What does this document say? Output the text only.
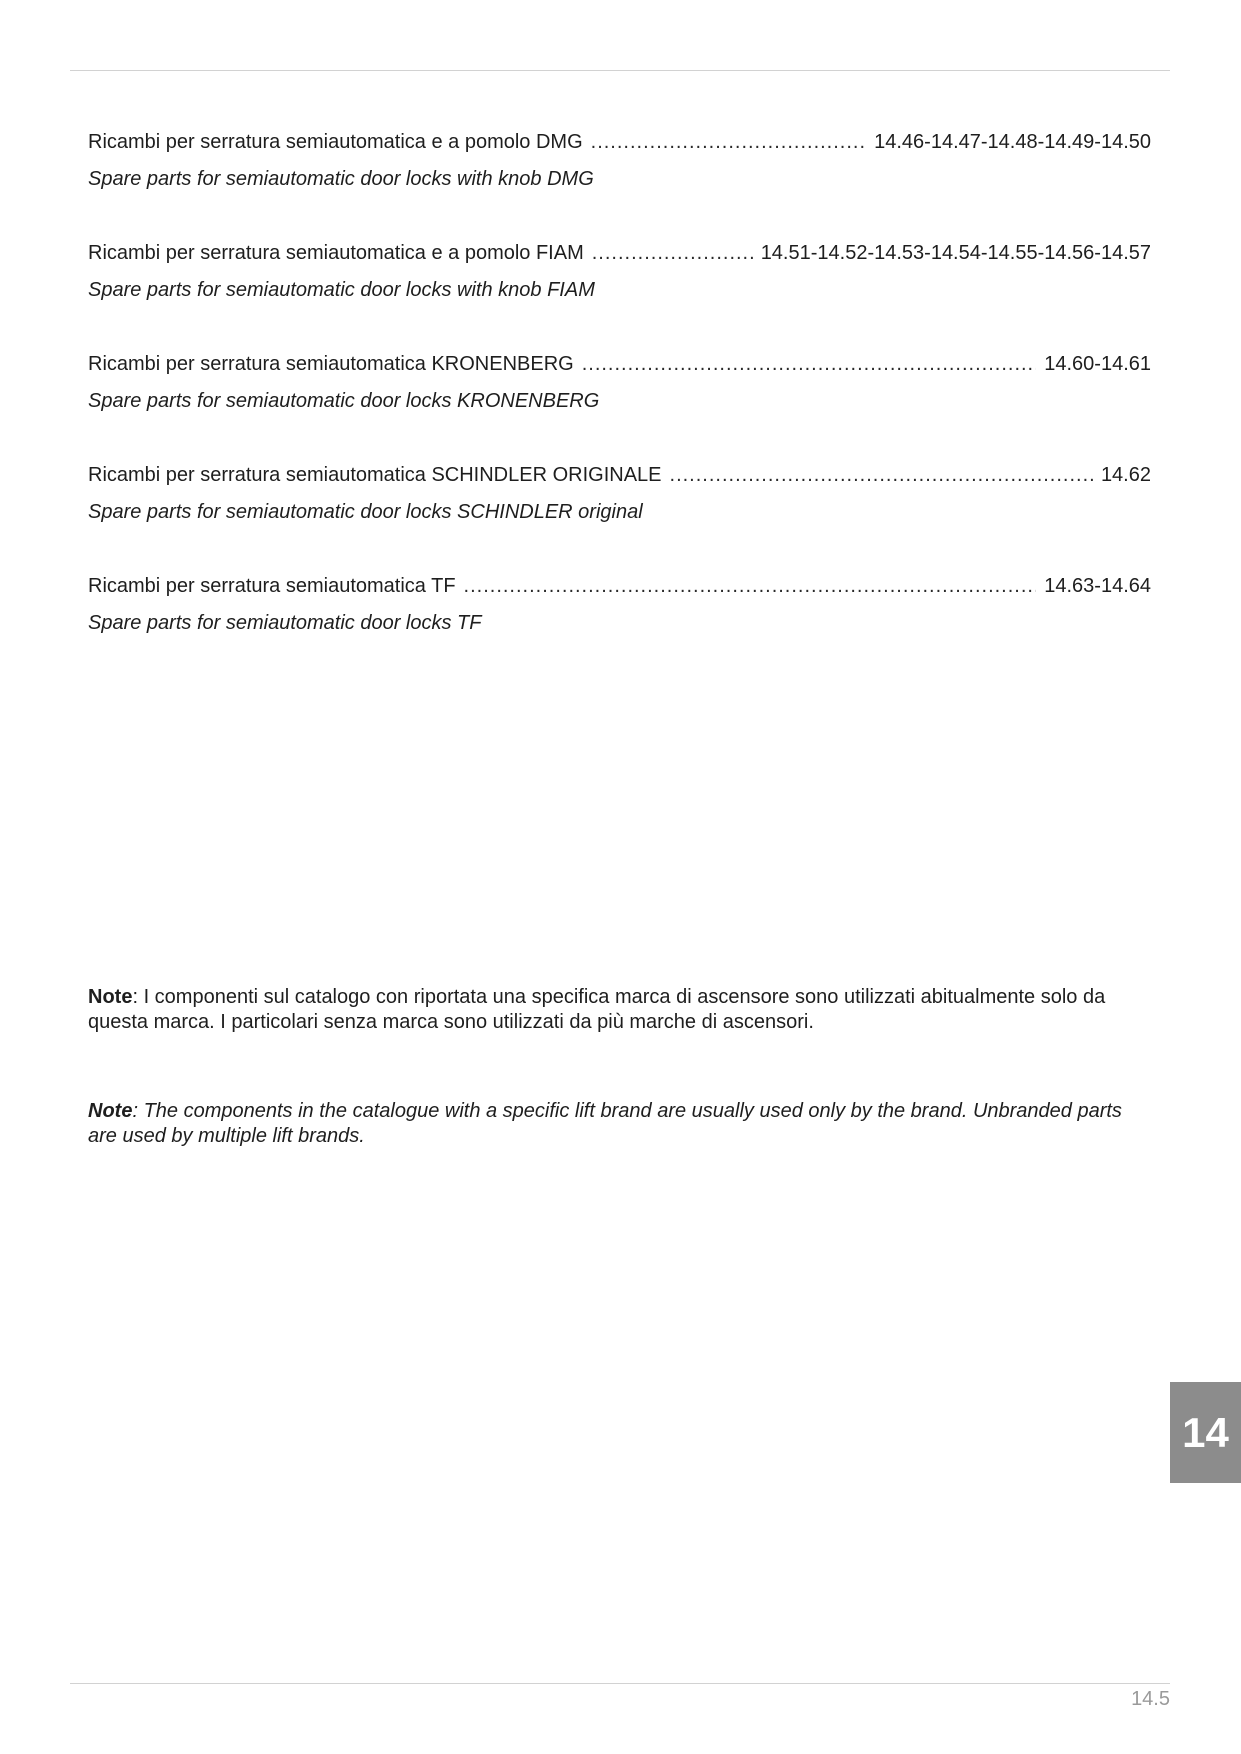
Ricambi per serratura semiautomatica e a pomolo DMG .....	14.46-14.47-14.48-14.49-14.50
Spare parts for semiautomatic door locks with knob DMG
Ricambi per serratura semiautomatica e a pomolo FIAM .....	14.51-14.52-14.53-14.54-14.55-14.56-14.57
Spare parts for semiautomatic door locks with knob FIAM
Ricambi per serratura semiautomatica KRONENBERG .....	14.60-14.61
Spare parts for semiautomatic door locks KRONENBERG
Ricambi per serratura semiautomatica SCHINDLER ORIGINALE .....	14.62
Spare parts for semiautomatic door locks SCHINDLER original
Ricambi per serratura semiautomatica TF .....	14.63-14.64
Spare parts for semiautomatic door locks TF
Note: I componenti sul catalogo con riportata una specifica marca di ascensore sono utilizzati abitualmente solo da questa marca. I particolari senza marca sono utilizzati da più marche di ascensori.
Note: The components in the catalogue with a specific lift brand are usually used only by the brand. Unbranded parts are used by multiple lift brands.
14
14.5
